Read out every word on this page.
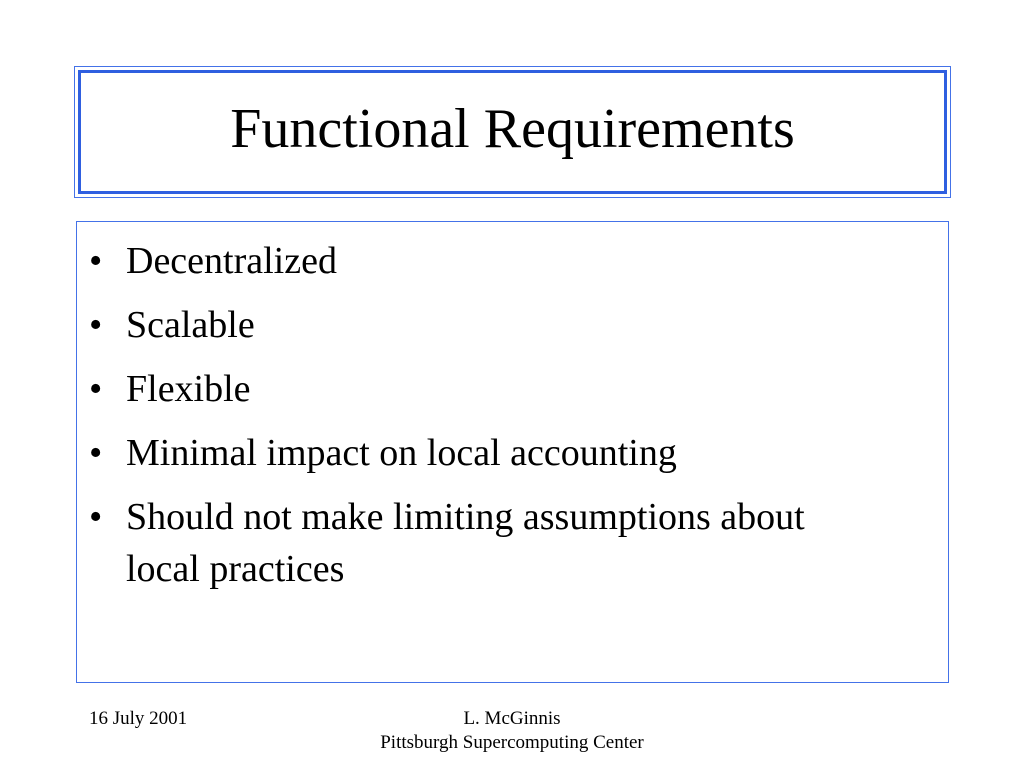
Functional Requirements
• Decentralized
• Scalable
• Flexible
• Minimal impact on local accounting
• Should not make limiting assumptions about local practices
16 July 2001	L. McGinnis
Pittsburgh Supercomputing Center
